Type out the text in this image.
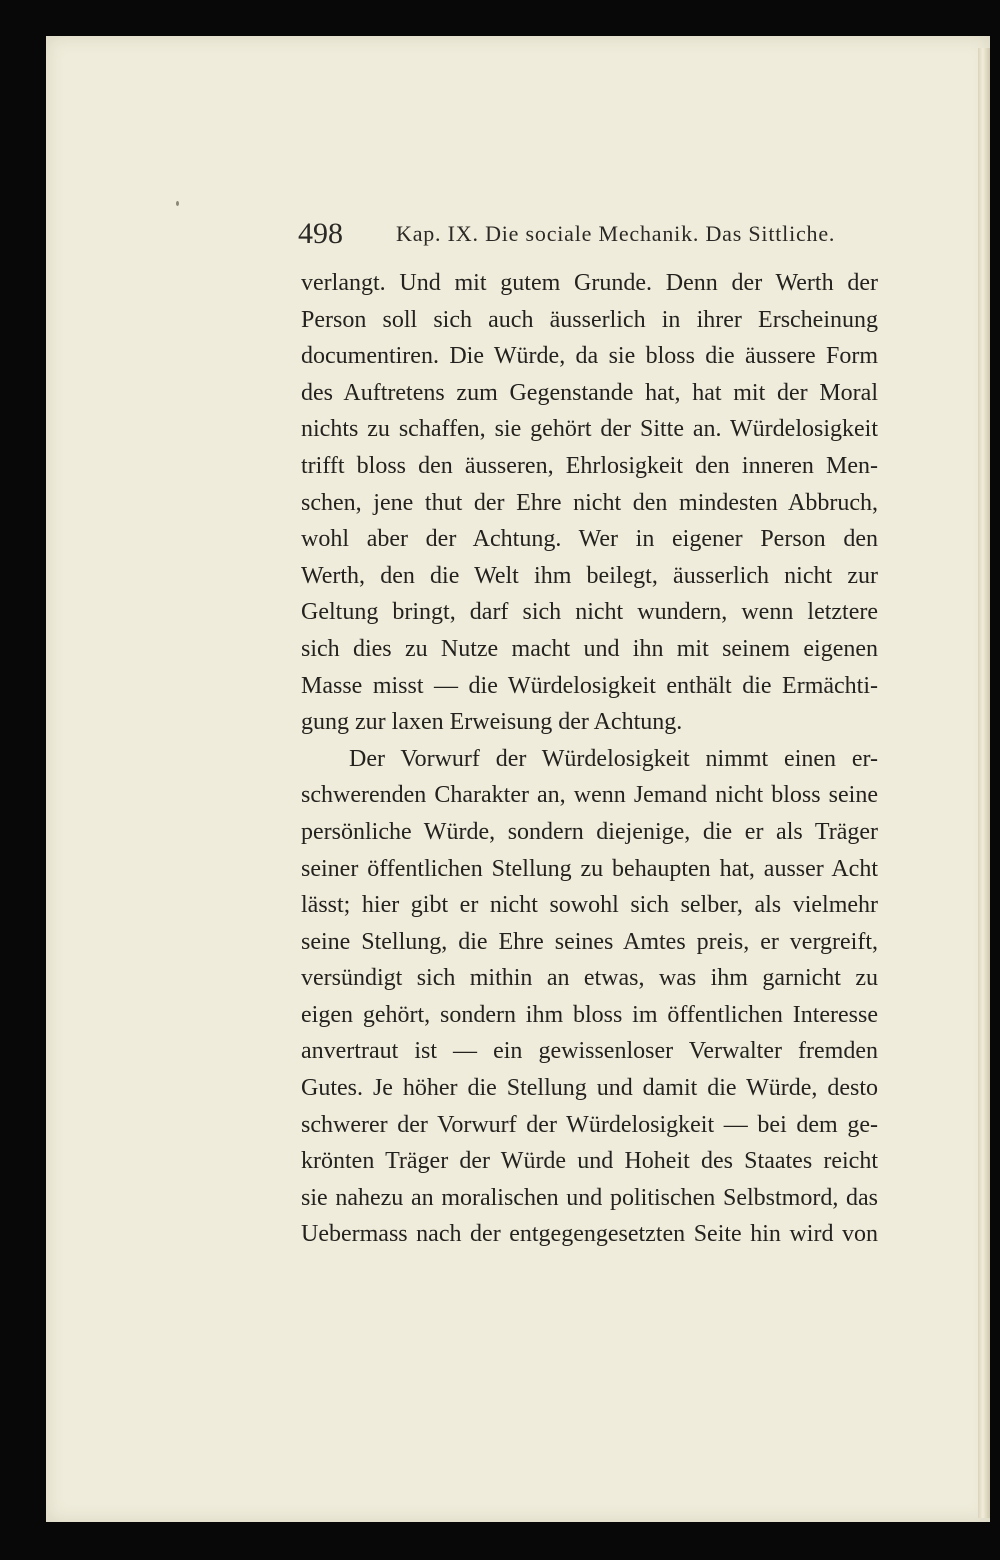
498 Kap. IX. Die sociale Mechanik. Das Sittliche.
verlangt. Und mit gutem Grunde. Denn der Werth der
Person soll sich auch äusserlich in ihrer Erscheinung
documentiren. Die Würde, da sie bloss die äussere Form
des Auftretens zum Gegenstande hat, hat mit der Moral
nichts zu schaffen, sie gehört der Sitte an. Würdelosigkeit
trifft bloss den äusseren, Ehrlosigkeit den inneren Men-
schen, jene thut der Ehre nicht den mindesten Abbruch,
wohl aber der Achtung. Wer in eigener Person den
Werth, den die Welt ihm beilegt, äusserlich nicht zur
Geltung bringt, darf sich nicht wundern, wenn letztere
sich dies zu Nutze macht und ihn mit seinem eigenen
Masse misst — die Würdelosigkeit enthält die Ermächti-
gung zur laxen Erweisung der Achtung.
Der Vorwurf der Würdelosigkeit nimmt einen er-
schwerenden Charakter an, wenn Jemand nicht bloss seine
persönliche Würde, sondern diejenige, die er als Träger
seiner öffentlichen Stellung zu behaupten hat, ausser Acht
lässt; hier gibt er nicht sowohl sich selber, als vielmehr
seine Stellung, die Ehre seines Amtes preis, er vergreift,
versündigt sich mithin an etwas, was ihm garnicht zu
eigen gehört, sondern ihm bloss im öffentlichen Interesse
anvertraut ist — ein gewissenloser Verwalter fremden
Gutes. Je höher die Stellung und damit die Würde, desto
schwerer der Vorwurf der Würdelosigkeit — bei dem ge-
krönten Träger der Würde und Hoheit des Staates reicht
sie nahezu an moralischen und politischen Selbstmord, das
Uebermass nach der entgegengesetzten Seite hin wird von
